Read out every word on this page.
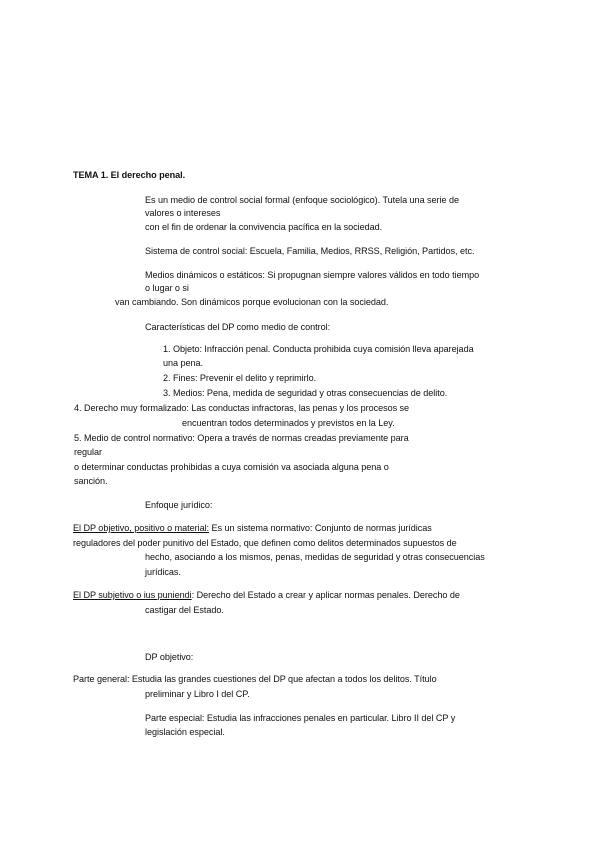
TEMA 1. El derecho penal.
Es un medio de control social formal (enfoque sociológico). Tutela una serie de
valores o intereses
con el fin de ordenar la convivencia pacífica en la sociedad.
Sistema de control social: Escuela, Familia, Medios, RRSS, Religión, Partidos, etc.
Medios dinámicos o estáticos: Si propugnan siempre valores válidos en todo tiempo
o lugar o si
van cambiando. Son dinámicos porque evolucionan con la sociedad.
Características del DP como medio de control:
1. Objeto: Infracción penal. Conducta prohibida cuya comisión lleva aparejada
una pena.
2. Fines: Prevenir el delito y reprimirlo.
3. Medios: Pena, medida de seguridad y otras consecuencias de delito.
4. Derecho muy formalizado: Las conductas infractoras, las penas y los procesos se
encuentran todos determinados y previstos en la Ley.
5. Medio de control normativo: Opera a través de normas creadas previamente para
regular
o determinar conductas prohibidas a cuya comisión va asociada alguna pena o
sanción.
Enfoque jurídico:
El DP objetivo, positivo o material: Es un sistema normativo: Conjunto de normas jurídicas
reguladores del poder punitivo del Estado, que definen como delitos determinados supuestos de
hecho, asociando a los mismos, penas, medidas de seguridad y otras consecuencias
jurídicas.
El DP subjetivo o ius puniendi: Derecho del Estado a crear y aplicar normas penales. Derecho de
castigar del Estado.
DP objetivo:
Parte general: Estudia las grandes cuestiones del DP que afectan a todos los delitos. Título
preliminar y Libro I del CP.
Parte especial: Estudia las infracciones penales en particular. Libro II del CP y
legislación especial.
